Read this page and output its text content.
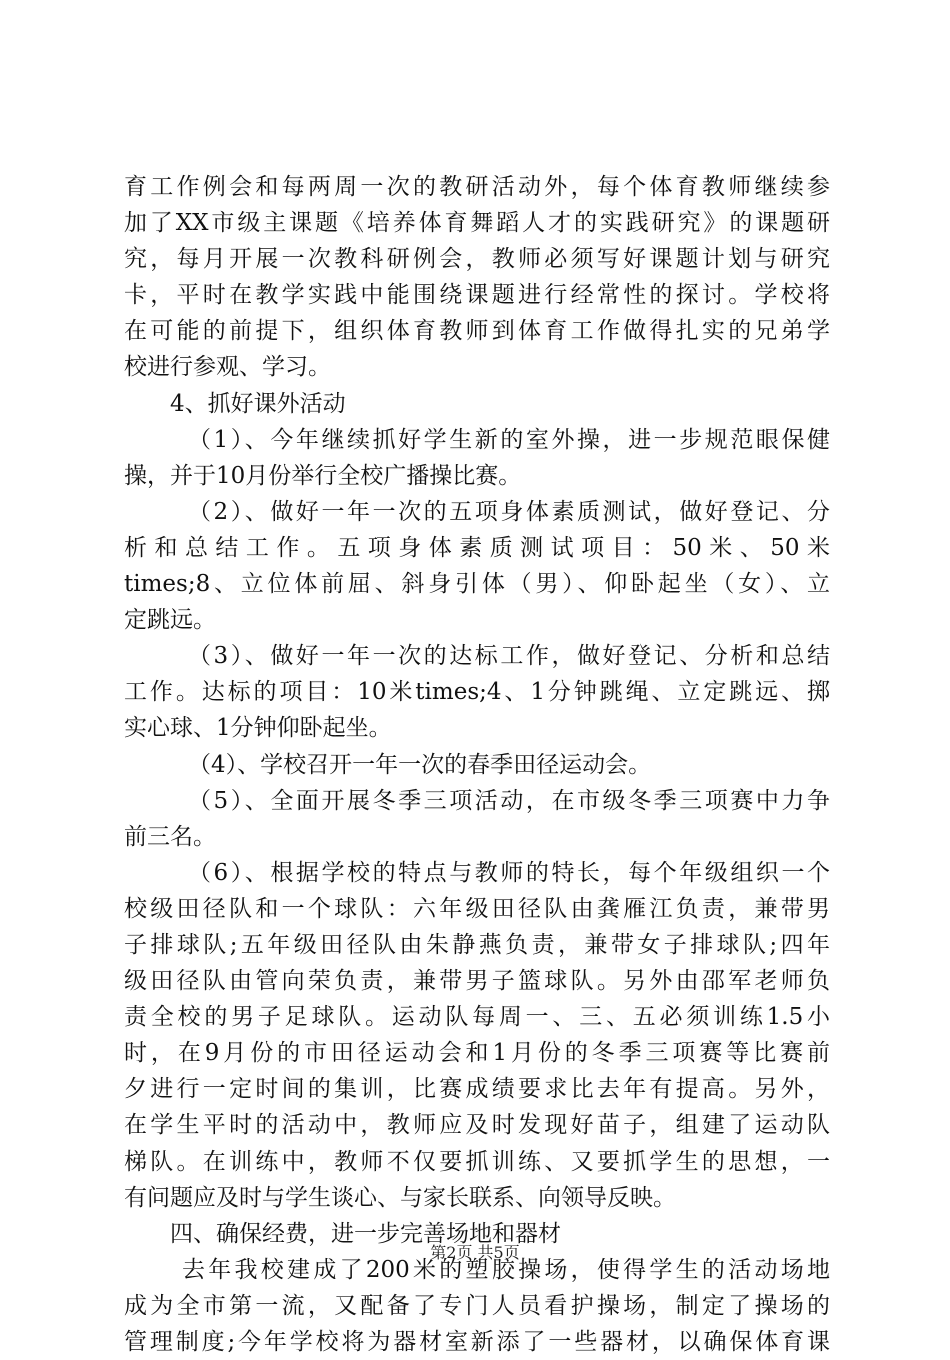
育工作例会和每两周一次的教研活动外，每个体育教师继续参
加了XX市级主课题《培养体育舞蹈人才的实践研究》的课题研
究，每月开展一次教科研例会，教师必须写好课题计划与研究
卡，平时在教学实践中能围绕课题进行经常性的探讨。学校将
在可能的前提下，组织体育教师到体育工作做得扎实的兄弟学
校进行参观、学习。
4、抓好课外活动
（1）、今年继续抓好学生新的室外操，进一步规范眼保健
操，并于10月份举行全校广播操比赛。
（2）、做好一年一次的五项身体素质测试，做好登记、分
析和总结工作。五项身体素质测试项目：50米、50米
times;8、立位体前屈、斜身引体（男）、仰卧起坐（女）、立
定跳远。
（3）、做好一年一次的达标工作，做好登记、分析和总结
工作。达标的项目：10米times;4、1分钟跳绳、立定跳远、掷
实心球、1分钟仰卧起坐。
（4）、学校召开一年一次的春季田径运动会。
（5）、全面开展冬季三项活动，在市级冬季三项赛中力争
前三名。
（6）、根据学校的特点与教师的特长，每个年级组织一个
校级田径队和一个球队：六年级田径队由龚雁江负责，兼带男
子排球队;五年级田径队由朱静燕负责，兼带女子排球队;四年
级田径队由管向荣负责，兼带男子篮球队。另外由邵军老师负
责全校的男子足球队。运动队每周一、三、五必须训练1.5小
时，在9月份的市田径运动会和1月份的冬季三项赛等比赛前
夕进行一定时间的集训，比赛成绩要求比去年有提高。另外，
在学生平时的活动中，教师应及时发现好苗子，组建了运动队
梯队。在训练中，教师不仅要抓训练、又要抓学生的思想，一
有问题应及时与学生谈心、与家长联系、向领导反映。
四、确保经费，进一步完善场地和器材
去年我校建成了200米的塑胶操场，使得学生的活动场地
成为全市第一流，又配备了专门人员看护操场，制定了操场的
管理制度;今年学校将为器材室新添了一些器材，以确保体育课
第2页 共5页
